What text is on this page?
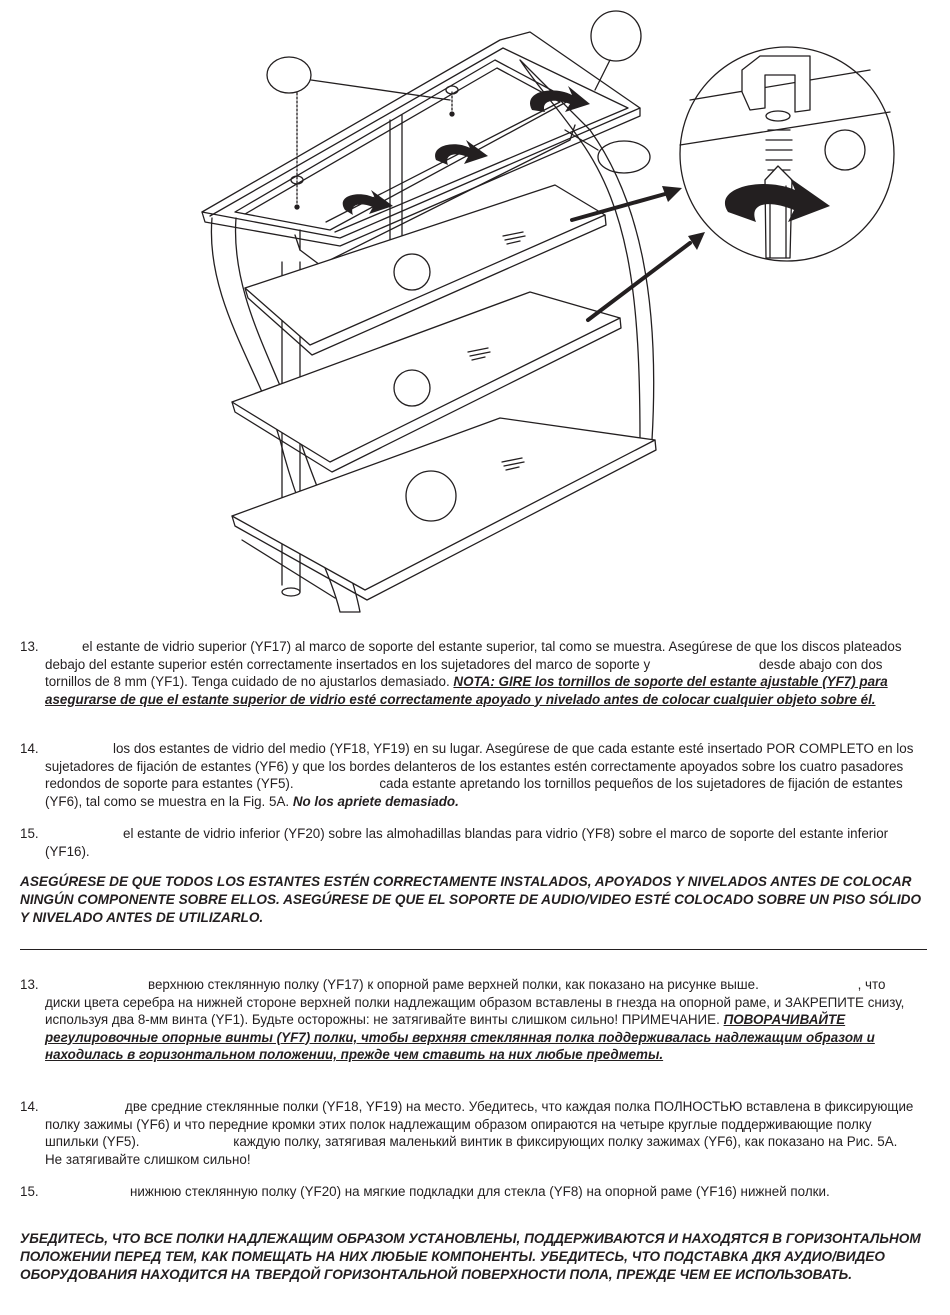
13.	el estante de vidrio superior (YF17) al marco de soporte del estante superior, tal como se muestra. Asegúrese de que los discos plateados debajo del estante superior estén correctamente insertados en los sujetadores del marco de soporte y	desde abajo con dos tornillos de 8 mm (YF1). Tenga cuidado de no ajustarlos demasiado. NOTA: GIRE los tornillos de soporte del estante ajustable (YF7) para asegurarse de que el estante superior de vidrio esté correctamente apoyado y nivelado antes de colocar cualquier objeto sobre él.
14.	los dos estantes de vidrio del medio (YF18, YF19) en su lugar. Asegúrese de que cada estante esté insertado POR COMPLETO en los sujetadores de fijación de estantes (YF6) y que los bordes delanteros de los estantes estén correctamente apoyados sobre los cuatro pasadores redondos de soporte para estantes (YF5).	cada estante apretando los tornillos pequeños de los sujetadores de fijación de estantes (YF6), tal como se muestra en la Fig. 5A. No los apriete demasiado.
15.	el estante de vidrio inferior (YF20) sobre las almohadillas blandas para vidrio (YF8) sobre el marco de soporte del estante inferior (YF16).
ASEGÚRESE DE QUE TODOS LOS ESTANTES ESTÉN CORRECTAMENTE INSTALADOS, APOYADOS Y NIVELADOS ANTES DE COLOCAR NINGÚN COMPONENTE SOBRE ELLOS. ASEGÚRESE DE QUE EL SOPORTE DE AUDIO/VIDEO ESTÉ COLOCADO SOBRE UN PISO SÓLIDO Y NIVELADO ANTES DE UTILIZARLO.
13.	верхнюю стеклянную полку (YF17) к опорной раме верхней полки, как показано на рисунке выше.	, что диски цвета серебра на нижней стороне верхней полки надлежащим образом вставлены в гнезда на опорной раме, и ЗАКРЕПИТЕ снизу, используя два 8-мм винта (YF1). Будьте осторожны: не затягивайте винты слишком сильно! ПРИМЕЧАНИЕ. ПОВОРАЧИВАЙТЕ регулировочные опорные винты (YF7) полки, чтобы верхняя стеклянная полка поддерживалась надлежащим образом и находилась в горизонтальном положении, прежде чем ставить на них любые предметы.
14.	две средние стеклянные полки (YF18, YF19) на место. Убедитесь, что каждая полка ПОЛНОСТЬЮ вставлена в фиксирующие полку зажимы (YF6) и что передние кромки этих полок надлежащим образом опираются на четыре круглые поддерживающие полку шпильки (YF5).	каждую полку, затягивая маленький винтик в фиксирующих полку зажимах (YF6), как показано на Рис. 5A. Не затягивайте слишком сильно!
15.	нижнюю стеклянную полку (YF20) на мягкие подкладки для стекла (YF8) на опорной раме (YF16) нижней полки.
УБЕДИТЕСЬ, ЧТО ВСЕ ПОЛКИ НАДЛЕЖАЩИМ ОБРАЗОМ УСТАНОВЛЕНЫ, ПОДДЕРЖИВАЮТСЯ И НАХОДЯТСЯ В ГОРИЗОНТАЛЬНОМ ПОЛОЖЕНИИ ПЕРЕД ТЕМ, КАК ПОМЕЩАТЬ НА НИХ ЛЮБЫЕ КОМПОНЕНТЫ. УБЕДИТЕСЬ, ЧТО ПОДСТАВКА ДКЯ АУДИО/ВИДЕО ОБОРУДОВАНИЯ НАХОДИТСЯ НА ТВЕРДОЙ ГОРИЗОНТАЛЬНОЙ ПОВЕРХНОСТИ ПОЛА, ПРЕЖДЕ ЧЕМ ЕЕ ИСПОЛЬЗОВАТЬ.
